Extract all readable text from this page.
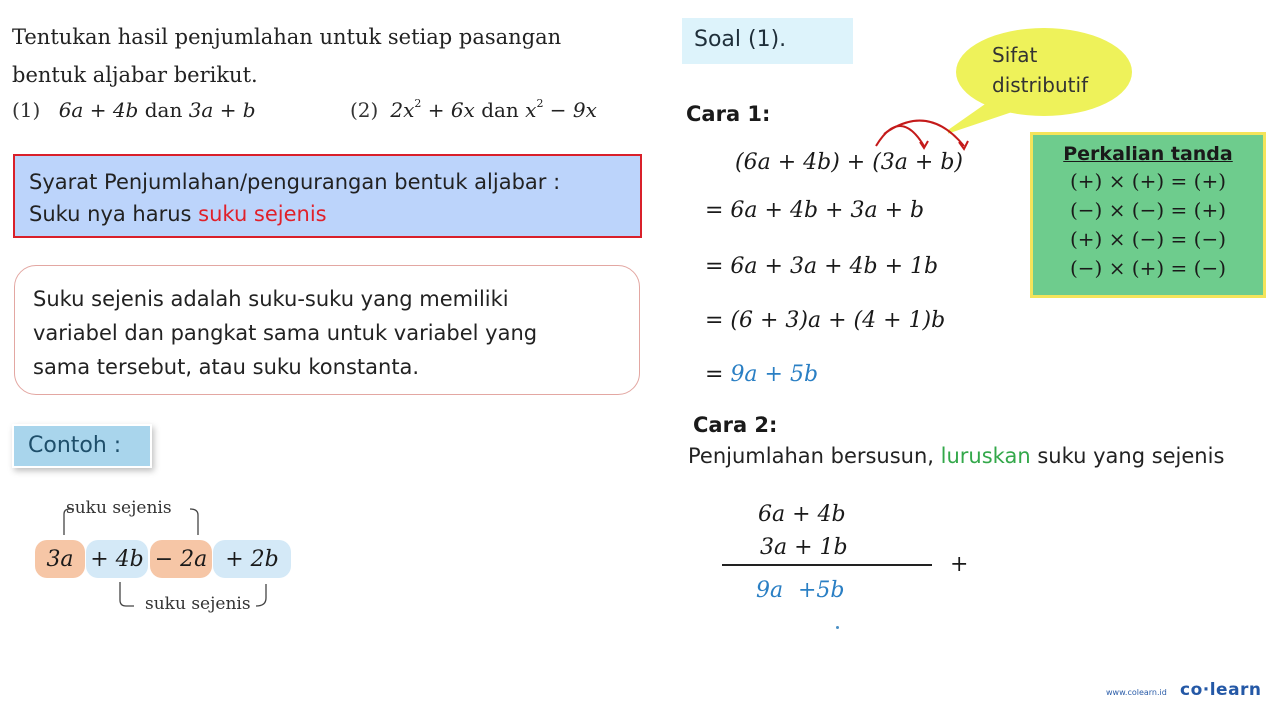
Tentukan hasil penjumlahan untuk setiap pasangan
bentuk aljabar berikut.
(1) 6a + 4b dan 3a + b	(2) $2x^2 + 6x$ dan $x^2 - 9x$
Syarat Penjumlahan/pengurangan bentuk aljabar :
Suku nya harus suku sejenis
Suku sejenis adalah suku-suku yang memiliki
variabel dan pangkat sama untuk variabel yang
sama tersebut, atau suku konstanta.
Contoh :
suku sejenis
suku sejenis
3a + 4b − 2a + 2b
Soal (1).
Sifat
distributif
Cara 1:
(6a + 4b) + (3a + b)
= 6a + 4b + 3a + b
= 6a + 3a + 4b + 1b
= (6 + 3)a + (4 + 1)b
= 9a + 5b
Perkalian tanda
(+) × (+) = (+)
(−) × (−) = (+)
(+) × (−) = (−)
(−) × (+) = (−)
Cara 2:
Penjumlahan bersusun, luruskan suku yang sejenis
6a + 4b
3a + 1b
+
9a +5b
www.colearn.id co·learn
